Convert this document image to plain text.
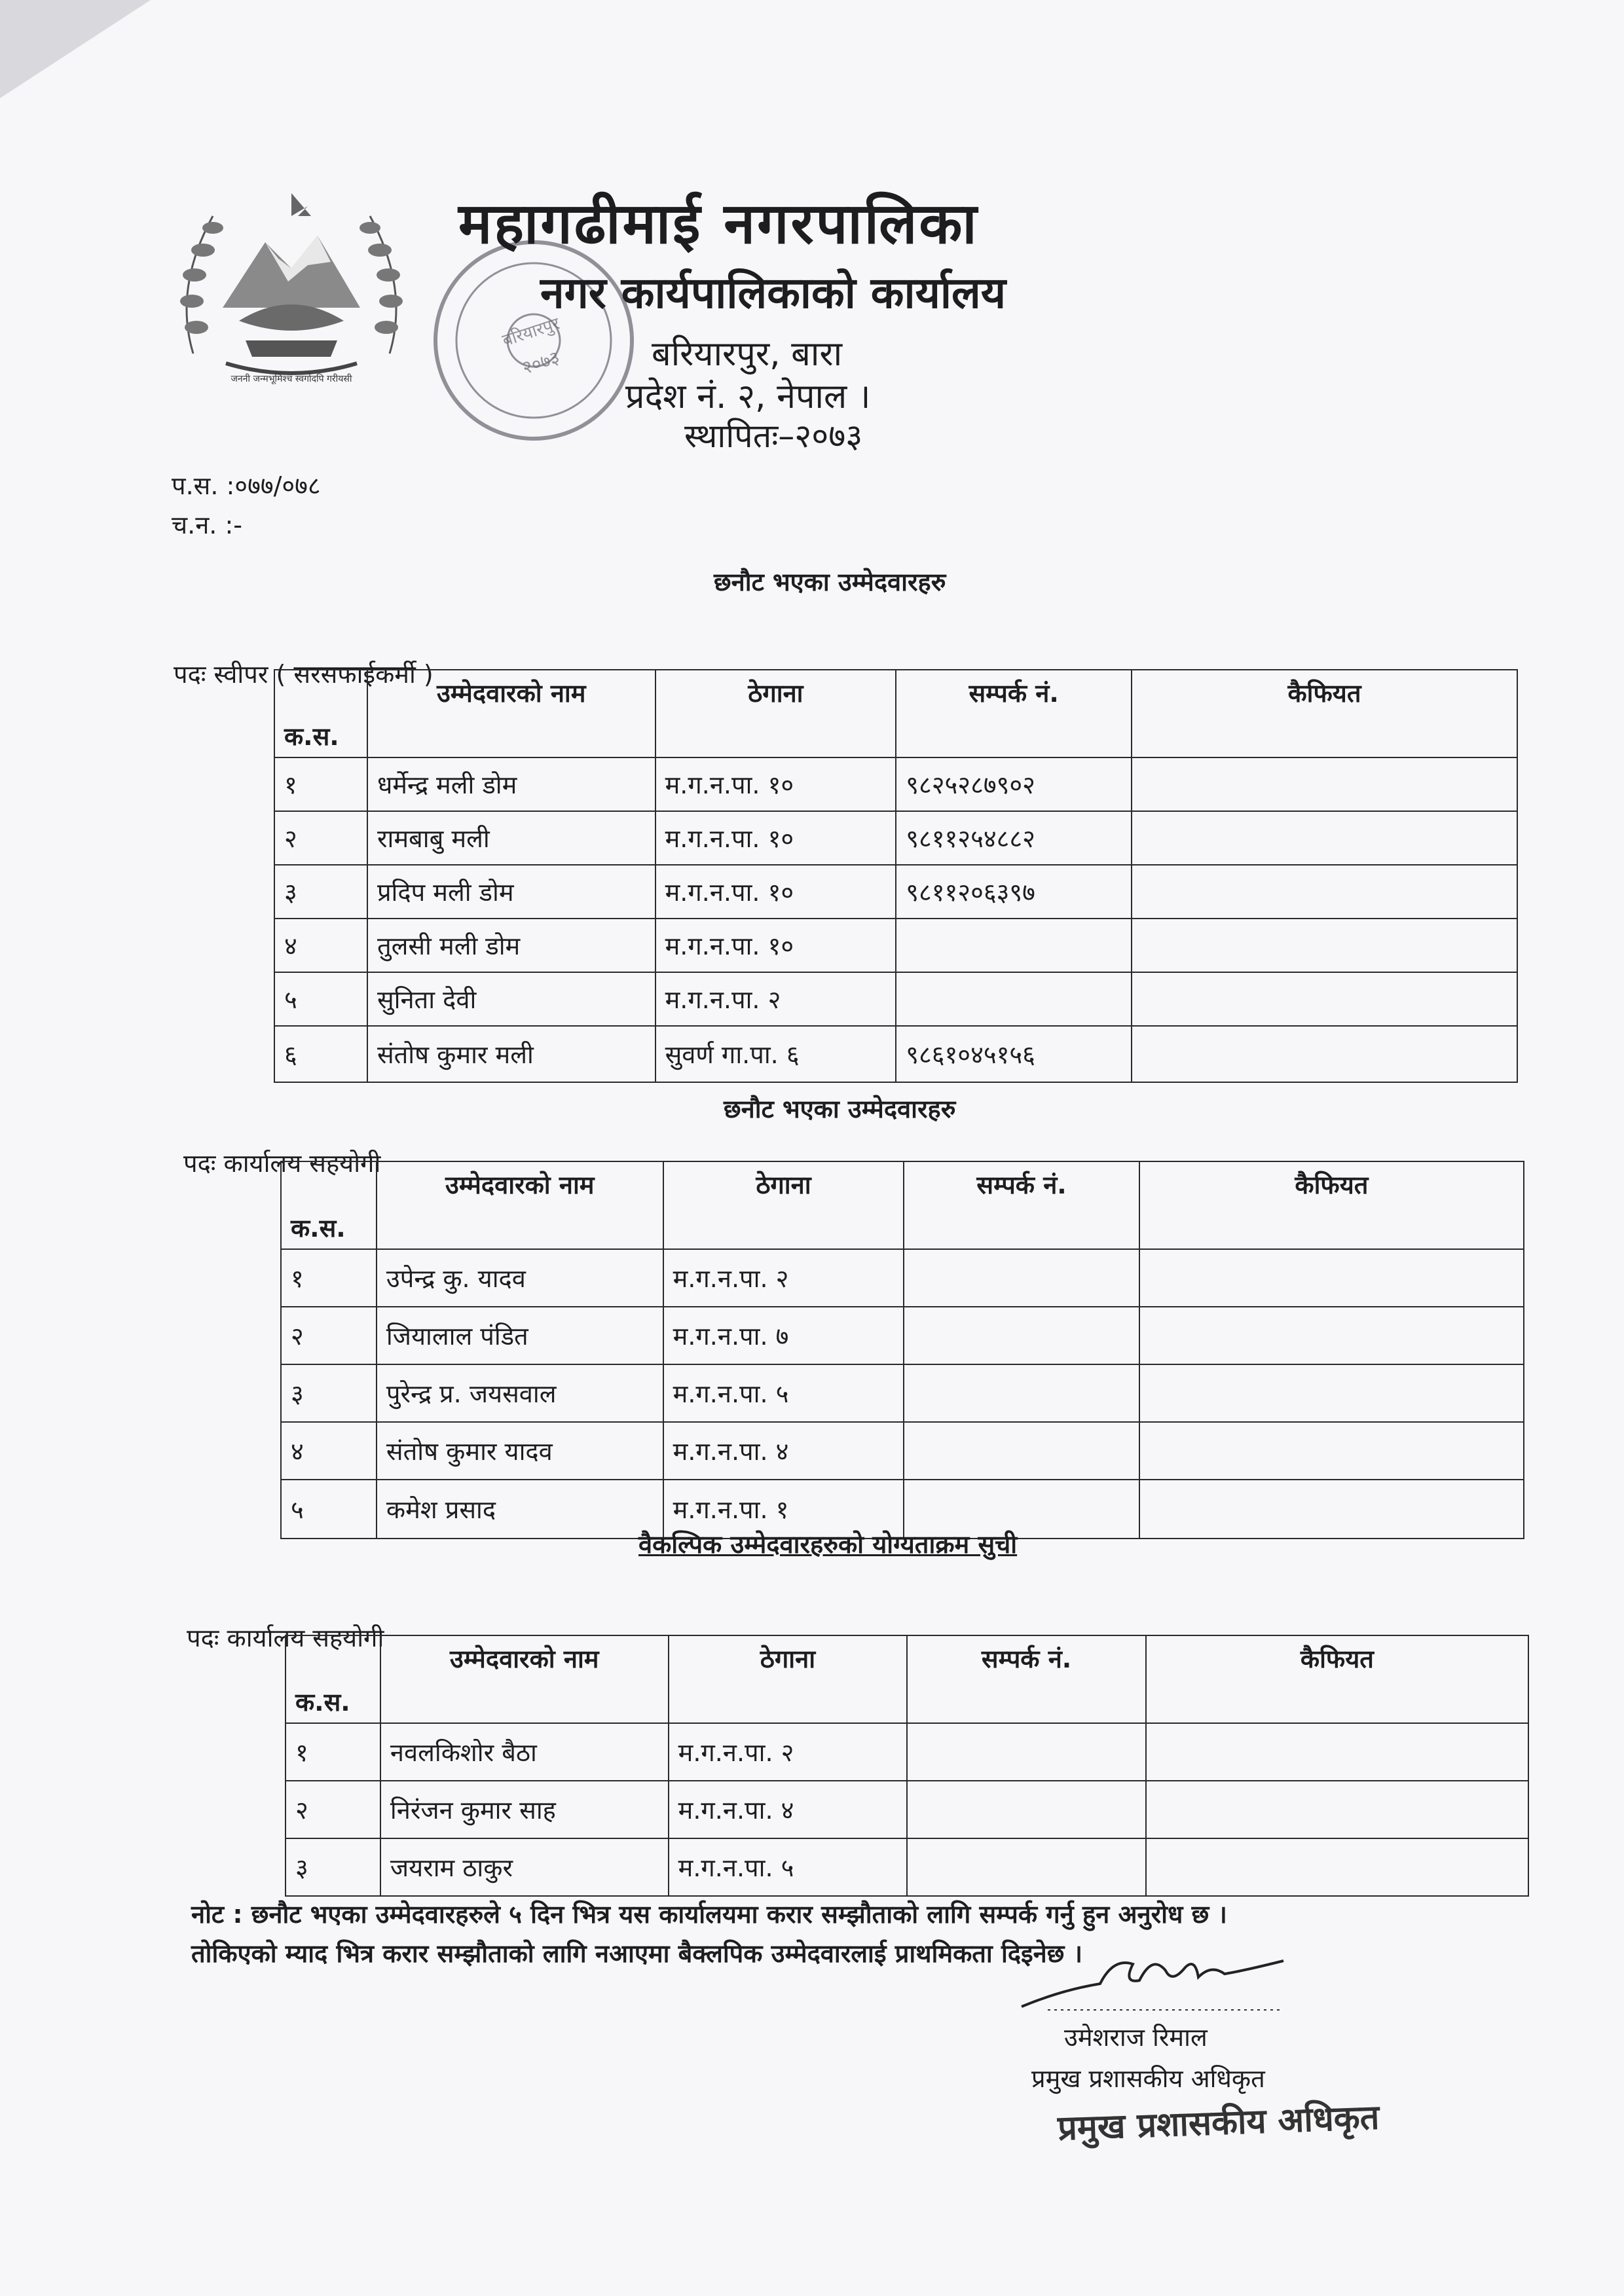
जननी जन्मभूमिश्च स्वर्गादपि गरीयसी
बरियारपुर
२०७३
महागढीमाई नगरपालिका
नगर कार्यपालिकाको कार्यालय
बरियारपुर, बारा
प्रदेश नं. २, नेपाल ।
स्थापितः–२०७३
प.स. :०७७/०७८
च.न. :-
छनौट भएका उम्मेदवारहरु
पदः स्वीपर ( सरसफाईकर्मी )
क.स.	उम्मेदवारको नाम	ठेगाना	सम्पर्क नं.	कैफियत
१	धर्मेन्द्र मली डोम	म.ग.न.पा. १०	९८२५२८७९०२	
२	रामबाबु मली	म.ग.न.पा. १०	९८११२५४८८२	
३	प्रदिप मली डोम	म.ग.न.पा. १०	९८११२०६३९७	
४	तुलसी मली डोम	म.ग.न.पा. १०		
५	सुनिता देवी	म.ग.न.पा. २		
६	संतोष कुमार मली	सुवर्ण गा.पा. ६	९८६१०४५१५६	
छनौट भएका उम्मेदवारहरु
पदः कार्यालय सहयोगी
क.स.	उम्मेदवारको नाम	ठेगाना	सम्पर्क नं.	कैफियत
१	उपेन्द्र कु. यादव	म.ग.न.पा. २		
२	जियालाल पंडित	म.ग.न.पा. ७		
३	पुरेन्द्र प्र. जयसवाल	म.ग.न.पा. ५		
४	संतोष कुमार यादव	म.ग.न.पा. ४		
५	कमेश प्रसाद	म.ग.न.पा. १		
वैकल्पिक उम्मेदवारहरुको योग्यताक्रम सुची
पदः कार्यालय सहयोगी
क.स.	उम्मेदवारको नाम	ठेगाना	सम्पर्क नं.	कैफियत
१	नवलकिशोर बैठा	म.ग.न.पा. २		
२	निरंजन कुमार साह	म.ग.न.पा. ४		
३	जयराम ठाकुर	म.ग.न.पा. ५		
नोट : छनौट भएका उम्मेदवारहरुले ५ दिन भित्र यस कार्यालयमा करार सम्झौताको लागि सम्पर्क गर्नु हुन अनुरोध छ ।
तोकिएको म्याद भित्र करार सम्झौताको लागि नआएमा बैक्लपिक उम्मेदवारलाई प्राथमिकता दिइनेछ ।
उमेशराज रिमाल
प्रमुख प्रशासकीय अधिकृत
प्रमुख प्रशासकीय अधिकृत
